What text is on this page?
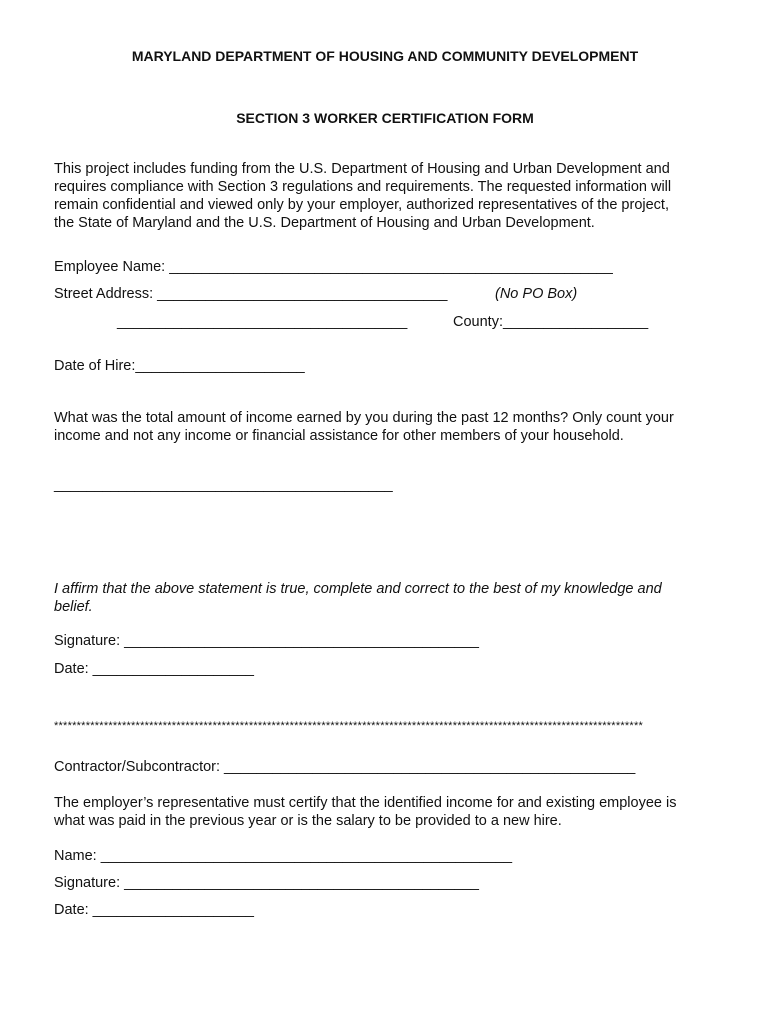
MARYLAND DEPARTMENT OF HOUSING AND COMMUNITY DEVELOPMENT
SECTION 3 WORKER CERTIFICATION FORM
This project includes funding from the U.S. Department of Housing and Urban Development and
requires compliance with Section 3 regulations and requirements. The requested information will
remain confidential and viewed only by your employer, authorized representatives of the project,
the State of Maryland and the U.S. Department of Housing and Urban Development.
Employee Name: _______________________________________________________
Street Address: ____________________________________	(No PO Box)
____________________________________	County:__________________
Date of Hire:_____________________
What was the total amount of income earned by you during the past 12 months? Only count your
income and not any income or financial assistance for other members of your household.
__________________________________________
I affirm that the above statement is true, complete and correct to the best of my knowledge and
belief.
Signature: ____________________________________________
Date: ____________________
**********************************************************************************************************************************
Contractor/Subcontractor: ___________________________________________________
The employer’s representative must certify that the identified income for and existing employee is
what was paid in the previous year or is the salary to be provided to a new hire.
Name: ___________________________________________________
Signature: ____________________________________________
Date: ____________________
